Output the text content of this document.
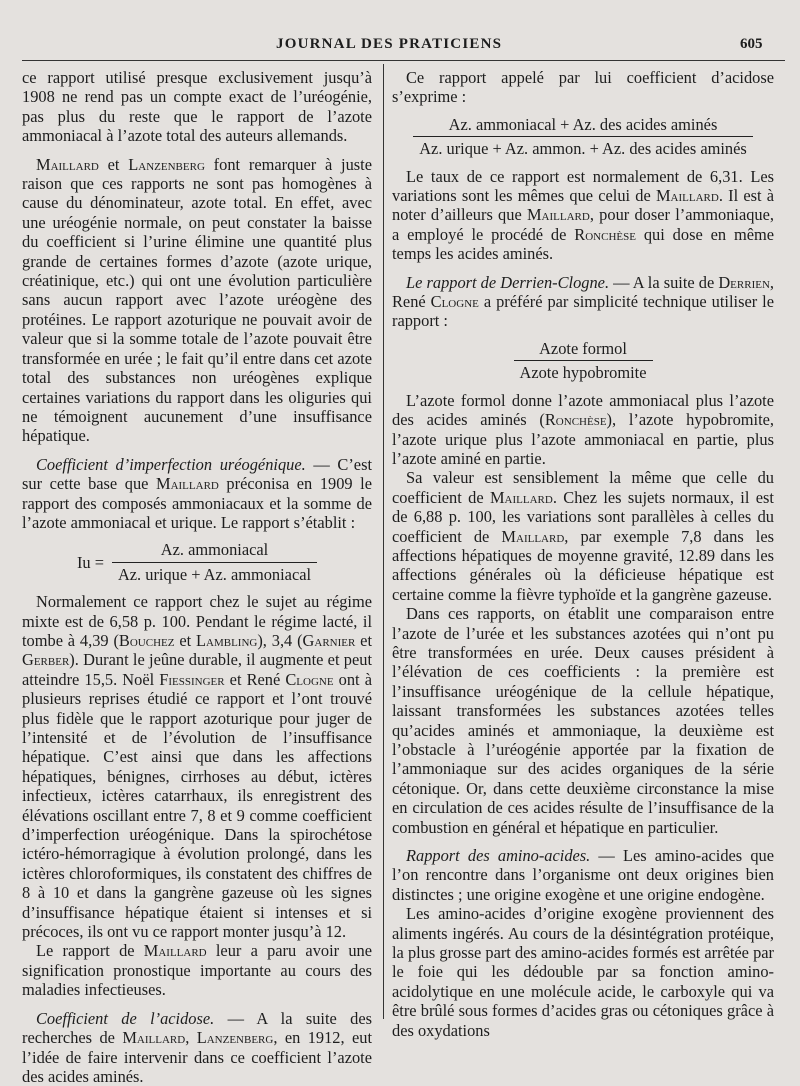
JOURNAL DES PRATICIENS	605

ce rapport utilisé presque exclusivement jusqu’à 1908 ne rend pas un compte exact de l’uréogénie, pas plus du reste que le rapport de l’azote ammoniacal à l’azote total des auteurs allemands.

Maillard et Lanzenberg font remarquer à juste raison que ces rapports ne sont pas homogènes à cause du dénominateur, azote total. En effet, avec une uréogénie normale, on peut constater la baisse du coefficient si l’urine élimine une quantité plus grande de certaines formes d’azote (azote urique, créatinique, etc.) qui ont une évolution particulière sans aucun rapport avec l’azote uréogène des protéines. Le rapport azoturique ne pouvait avoir de valeur que si la somme totale de l’azote pouvait être transformée en urée ; le fait qu’il entre dans cet azote total des substances non uréogènes explique certaines variations du rapport dans les oliguries qui ne témoignent aucunement d’une insuffisance hépatique.

Coefficient d’imperfection uréogénique. — C’est sur cette base que Maillard préconisa en 1909 le rapport des composés ammoniacaux et la somme de l’azote ammoniacal et urique. Le rapport s’établit :

$Iu = \frac{\text{Az. ammoniacal}}{\text{Az. urique + Az. ammoniacal}}$

Normalement ce rapport chez le sujet au régime mixte est de 6,58 p. 100. Pendant le régime lacté, il tombe à 4,39 (Bouchez et Lambling), 3,4 (Garnier et Gerber). Durant le jeûne durable, il augmente et peut atteindre 15,5. Noël Fiessinger et René Clogne ont à plusieurs reprises étudié ce rapport et l’ont trouvé plus fidèle que le rapport azoturique pour juger de l’intensité et de l’évolution de l’insuffisance hépatique. C’est ainsi que dans les affections hépatiques, bénignes, cirrhoses au début, ictères infectieux, ictères catarrhaux, ils enregistrent des élévations oscillant entre 7, 8 et 9 comme coefficient d’imperfection uréogénique. Dans la spirochétose ictéro-hémorragique à évolution prolongé, dans les ictères chloroformiques, ils constatent des chiffres de 8 à 10 et dans la gangrène gazeuse où les signes d’insuffisance hépatique étaient si intenses et si précoces, ils ont vu ce rapport monter jusqu’à 12.

Le rapport de Maillard leur a paru avoir une signification pronostique importante au cours des maladies infectieuses.

Coefficient de l’acidose. — A la suite des recherches de Maillard, Lanzenberg, en 1912, eut l’idée de faire intervenir dans ce coefficient l’azote des acides aminés.

Ce rapport appelé par lui coefficient d’acidose s’exprime :

$\frac{\text{Az. ammoniacal + Az. des acides aminés}}{\text{Az. urique + Az. ammon. + Az. des acides aminés}}$

Le taux de ce rapport est normalement de 6,31. Les variations sont les mêmes que celui de Maillard. Il est à noter d’ailleurs que Maillard, pour doser l’ammoniaque, a employé le procédé de Ronchèse qui dose en même temps les acides aminés.

Le rapport de Derrien-Clogne. — A la suite de Derrien, René Clogne a préféré par simplicité technique utiliser le rapport :

$\frac{\text{Azote formol}}{\text{Azote hypobromite}}$

L’azote formol donne l’azote ammoniacal plus l’azote des acides aminés (Ronchèse), l’azote hypobromite, l’azote urique plus l’azote ammoniacal en partie, plus l’azote aminé en partie.

Sa valeur est sensiblement la même que celle du coefficient de Maillard. Chez les sujets normaux, il est de 6,88 p. 100, les variations sont parallèles à celles du coefficient de Maillard, par exemple 7,8 dans les affections hépatiques de moyenne gravité, 12.89 dans les affections générales où la déficieuse hépatique est certaine comme la fièvre typhoïde et la gangrène gazeuse.

Dans ces rapports, on établit une comparaison entre l’azote de l’urée et les substances azotées qui n’ont pu être transformées en urée. Deux causes président à l’élévation de ces coefficients : la première est l’insuffisance uréogénique de la cellule hépatique, laissant transformées les substances azotées telles qu’acides aminés et ammoniaque, la deuxième est l’obstacle à l’uréogénie apportée par la fixation de l’ammoniaque sur des acides organiques de la série cétonique. Or, dans cette deuxième circonstance la mise en circulation de ces acides résulte de l’insuffisance de la combustion en général et hépatique en particulier.

Rapport des amino-acides. — Les amino-acides que l’on rencontre dans l’organisme ont deux origines bien distinctes ; une origine exogène et une origine endogène.

Les amino-acides d’origine exogène proviennent des aliments ingérés. Au cours de la désintégration protéique, la plus grosse part des amino-acides formés est arrêtée par le foie qui les dédouble par sa fonction amino-acidolytique en une molécule acide, le carboxyle qui va être brûlé sous formes d’acides gras ou cétoniques grâce à des oxydations
